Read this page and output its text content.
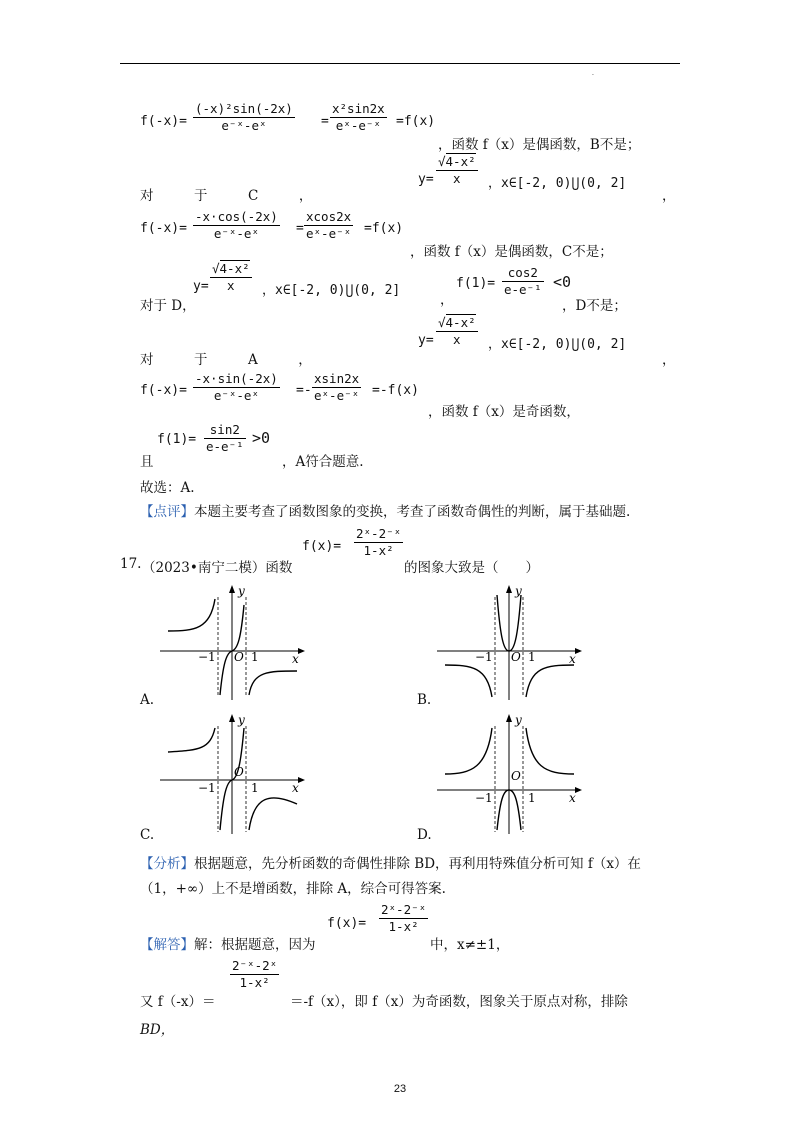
.
$f(-x)= \frac{\text{(-x)²sin(-2x)}}{\text{e⁻ˣ-eˣ}} = \frac{\text{x²sin2x}}{\text{eˣ-e⁻ˣ}} =f(x)$
，函数 f（x）是偶函数，B不是；
对　　　于　　　C　　　，
$y= \frac{\text{√4-x²}}{x}$ ，x∈[-2, 0)⋃(0, 2]
，
$f(-x)= \frac{-x\cdot\cos(-2x)}{\text{e⁻ˣ-eˣ}} = \frac{xcos2x}{\text{eˣ-e⁻ˣ}} =f(x)$
，函数 f（x）是偶函数，C不是；
对于 D，
$y= \frac{\text{√4-x²}}{x}$ ，x∈[-2, 0)⋃(0, 2]
，
$f(1)= \frac{\cos 2}{\text{e-e⁻¹}} <0$
，D不是；
对　　　于　　　A　　　，
$y= \frac{\text{√4-x²}}{x}$ ，x∈[-2, 0)⋃(0, 2]
，
$f(-x)= \frac{-x\cdot\sin(-2x)}{\text{e⁻ˣ-eˣ}} =- \frac{xsin2x}{\text{eˣ-e⁻ˣ}} =-f(x)$
，函数 f（x）是奇函数，
且
$f(1)= \frac{\sin 2}{\text{e-e⁻¹}} >0$
，A符合题意.
故选：A.
【点评】本题主要考查了函数图象的变换，考查了函数奇偶性的判断，属于基础题.
17. （2023•南宁二模）函数
$f(x)= \frac{\text{2ˣ-2⁻ˣ}}{\text{1-x²}}$
的图象大致是（　　）
y
x
O
−1	1
A.
y
x
O
−1	1
B.
y
x
O
−1	1
C.
y
x
O
−1	1
D.
【分析】根据题意，先分析函数的奇偶性排除 BD，再利用特殊值分析可知 f（x）在
（1，+∞）上不是增函数，排除 A，综合可得答案.
【解答】解：根据题意，因为
$f(x)= \frac{\text{2ˣ-2⁻ˣ}}{\text{1-x²}}$
中，x≠±1，
又 f（-x）＝
$\frac{\text{2⁻ˣ-2ˣ}}{\text{1-x²}}$
＝-f（x），即 f（x）为奇函数，图象关于原点对称，排除
BD，
23
